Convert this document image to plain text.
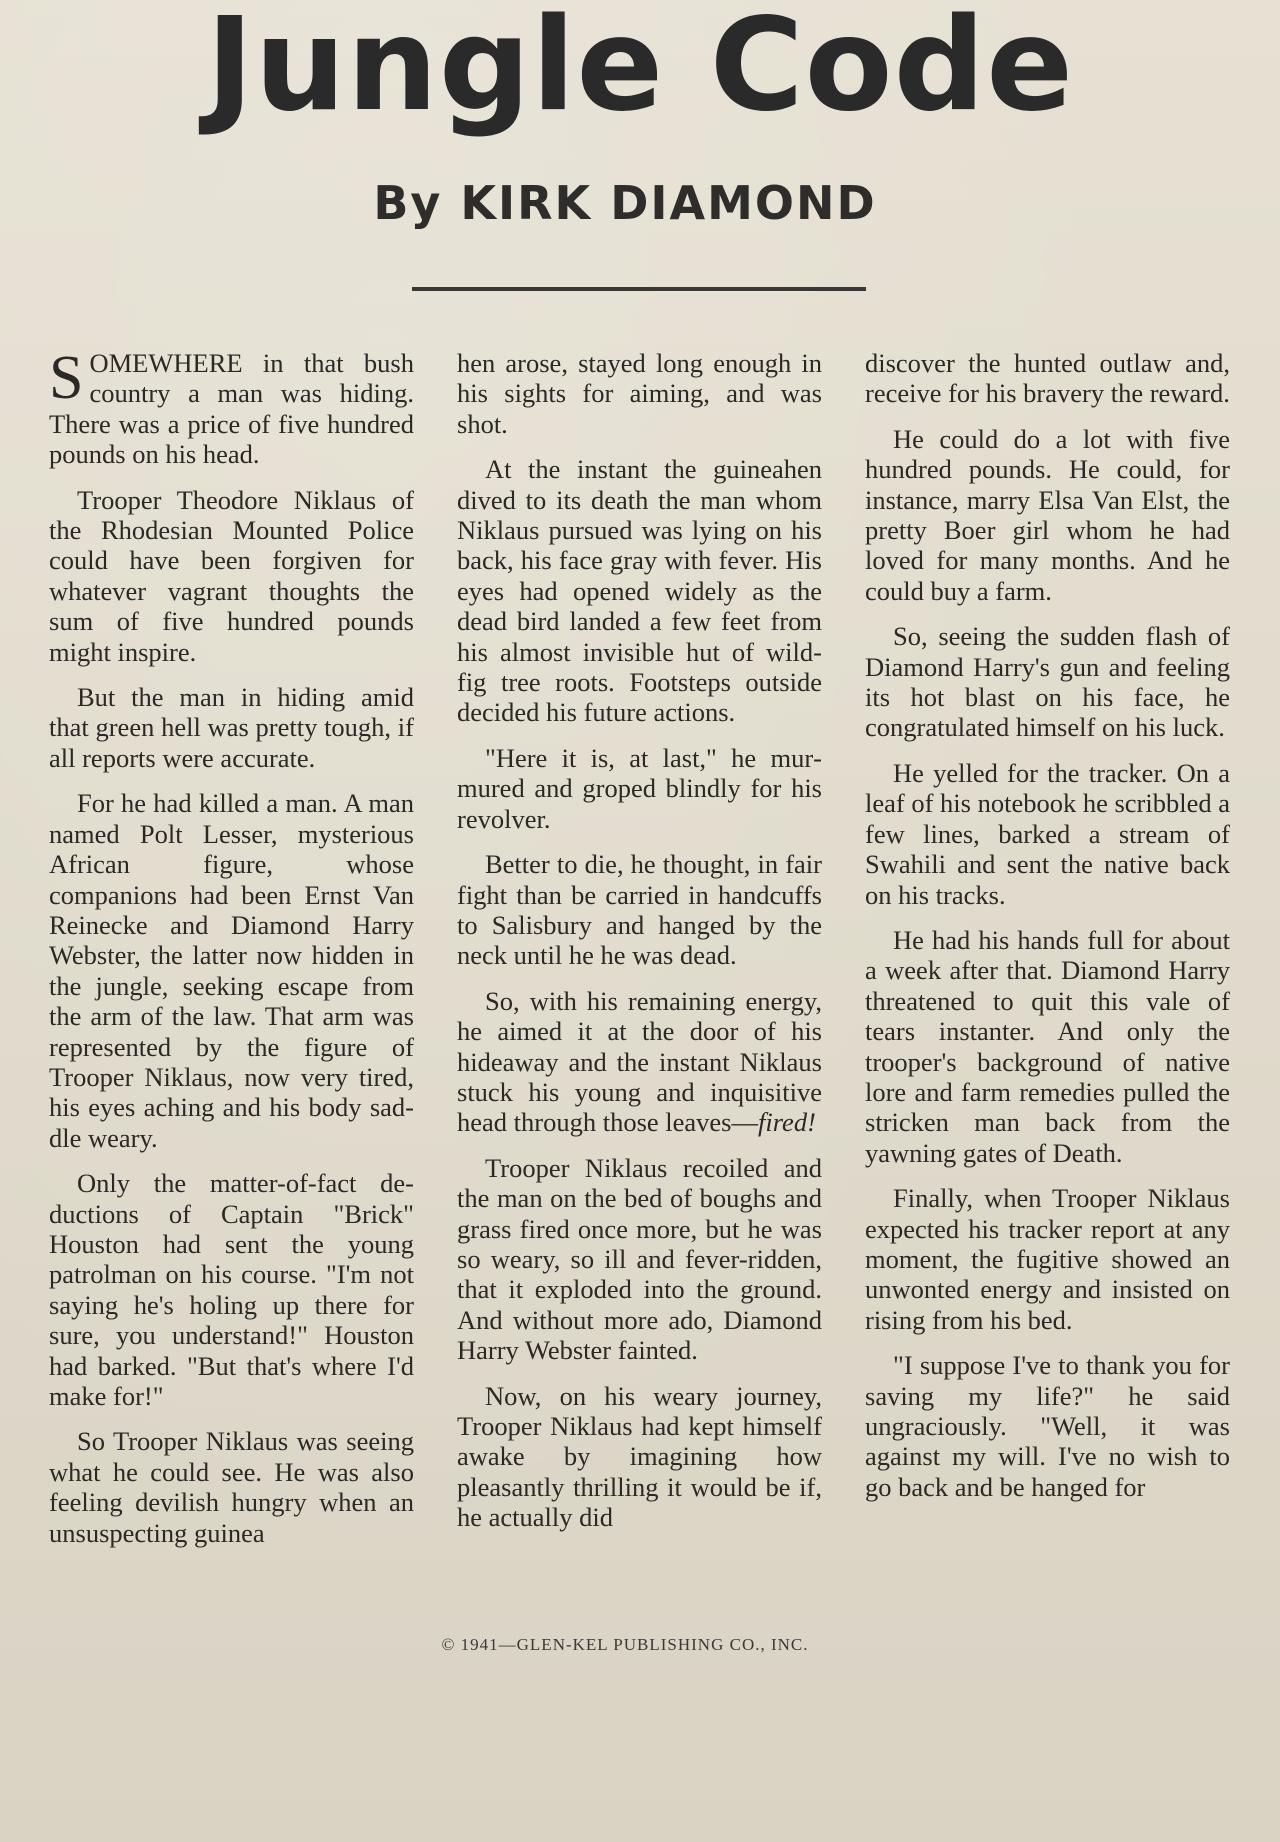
Jungle Code
By KIRK DIAMOND

SOMEWHERE in that bush country a man was hiding. There was a price of five hundred pounds on his head.

Trooper Theodore Niklaus of the Rhodesian Mounted Police could have been forgiven for whatever vagrant thoughts the sum of five hundred pounds might inspire.

But the man in hiding amid that green hell was pretty tough, if all reports were accurate.

For he had killed a man. A man named Polt Lesser, mysterious African figure, whose companions had been Ernst Van Reinecke and Diamond Harry Webster, the latter now hidden in the jungle, seeking escape from the arm of the law. That arm was represented by the figure of Trooper Niklaus, now very tired, his eyes aching and his body saddle weary.

Only the matter-of-fact deductions of Captain "Brick" Houston had sent the young patrolman on his course. "I'm not saying he's holing up there for sure, you understand!" Houston had barked. "But that's where I'd make for!"

So Trooper Niklaus was seeing what he could see. He was also feeling devilish hungry when an unsuspecting guinea

hen arose, stayed long enough in his sights for aiming, and was shot.

At the instant the guineahen dived to its death the man whom Niklaus pursued was lying on his back, his face gray with fever. His eyes had opened widely as the dead bird landed a few feet from his almost invisible hut of wild-fig tree roots. Footsteps outside decided his future actions.

"Here it is, at last," he murmured and groped blindly for his revolver.

Better to die, he thought, in fair fight than be carried in handcuffs to Salisbury and hanged by the neck until he he was dead.

So, with his remaining energy, he aimed it at the door of his hideaway and the instant Niklaus stuck his young and inquisitive head through those leaves—fired!

Trooper Niklaus recoiled and the man on the bed of boughs and grass fired once more, but he was so weary, so ill and fever-ridden, that it exploded into the ground. And without more ado, Diamond Harry Webster fainted.

Now, on his weary journey, Trooper Niklaus had kept himself awake by imagining how pleasantly thrilling it would be if, he actually did

discover the hunted outlaw and, receive for his bravery the reward.

He could do a lot with five hundred pounds. He could, for instance, marry Elsa Van Elst, the pretty Boer girl whom he had loved for many months. And he could buy a farm.

So, seeing the sudden flash of Diamond Harry's gun and feeling its hot blast on his face, he congratulated himself on his luck.

He yelled for the tracker. On a leaf of his notebook he scribbled a few lines, barked a stream of Swahili and sent the native back on his tracks.

He had his hands full for about a week after that. Diamond Harry threatened to quit this vale of tears instanter. And only the trooper's background of native lore and farm remedies pulled the stricken man back from the yawning gates of Death.

Finally, when Trooper Niklaus expected his tracker report at any moment, the fugitive showed an unwonted energy and insisted on rising from his bed.

"I suppose I've to thank you for saving my life?" he said ungraciously. "Well, it was against my will. I've no wish to go back and be hanged for

© 1941—GLEN-KEL PUBLISHING CO., INC.
